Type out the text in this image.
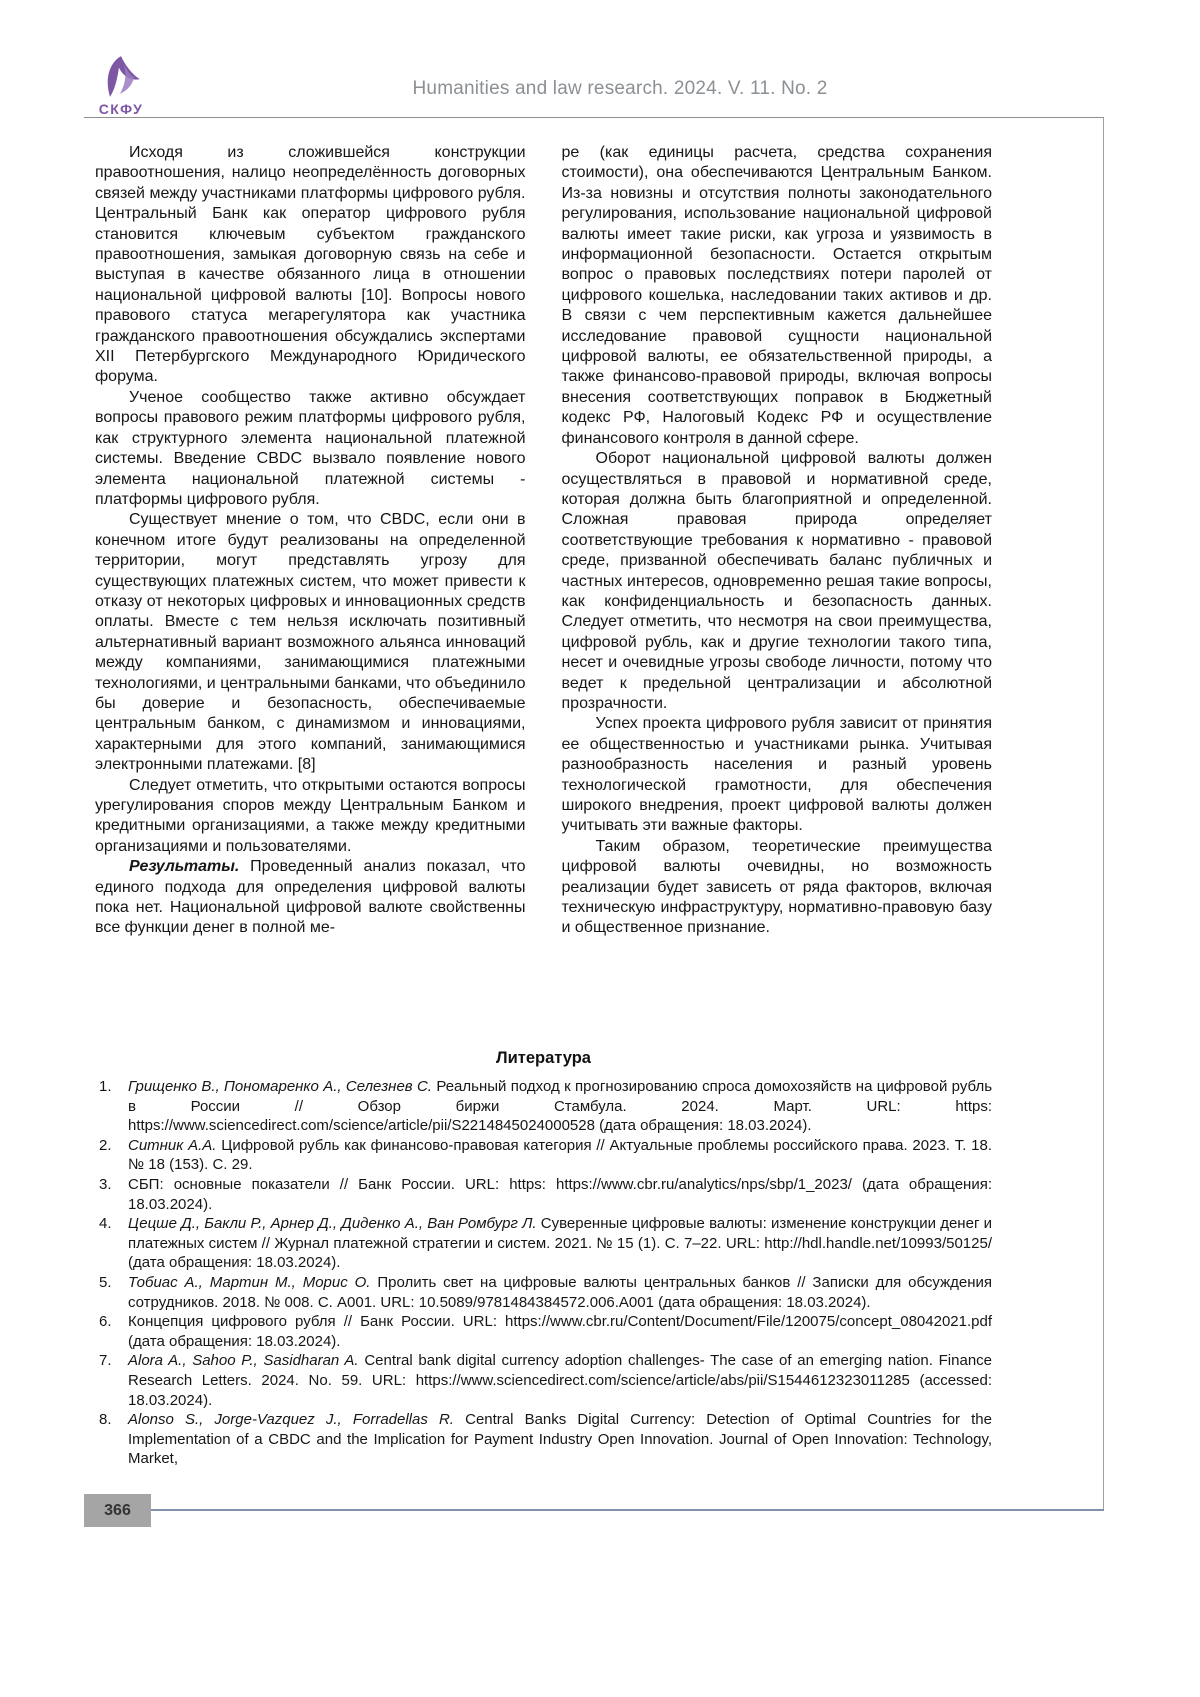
СКФУ
Humanities and law research. 2024. V. 11. No. 2

Исходя из сложившейся конструкции правоотношения, налицо неопределённость договорных связей между участниками платформы цифрового рубля. Центральный Банк как оператор цифрового рубля становится ключевым субъектом гражданского правоотношения, замыкая договорную связь на себе и выступая в качестве обязанного лица в отношении национальной цифровой валюты [10]. Вопросы нового правового статуса мегарегулятора как участника гражданского правоотношения обсуждались экспертами XII Петербургского Международного Юридического форума.

Ученое сообщество также активно обсуждает вопросы правового режим платформы цифрового рубля, как структурного элемента национальной платежной системы. Введение CBDC вызвало появление нового элемента национальной платежной системы - платформы цифрового рубля.

Существует мнение о том, что CBDC, если они в конечном итоге будут реализованы на определенной территории, могут представлять угрозу для существующих платежных систем, что может привести к отказу от некоторых цифровых и инновационных средств оплаты. Вместе с тем нельзя исключать позитивный альтернативный вариант возможного альянса инноваций между компаниями, занимающимися платежными технологиями, и центральными банками, что объединило бы доверие и безопасность, обеспечиваемые центральным банком, с динамизмом и инновациями, характерными для этого компаний, занимающимися электронными платежами. [8]

Следует отметить, что открытыми остаются вопросы урегулирования споров между Центральным Банком и кредитными организациями, а также между кредитными организациями и пользователями.

Результаты. Проведенный анализ показал, что единого подхода для определения цифровой валюты пока нет. Национальной цифровой валюте свойственны все функции денег в полной ме-

ре (как единицы расчета, средства сохранения стоимости), она обеспечиваются Центральным Банком. Из-за новизны и отсутствия полноты законодательного регулирования, использование национальной цифровой валюты имеет такие риски, как угроза и уязвимость в информационной безопасности. Остается открытым вопрос о правовых последствиях потери паролей от цифрового кошелька, наследовании таких активов и др. В связи с чем перспективным кажется дальнейшее исследование правовой сущности национальной цифровой валюты, ее обязательственной природы, а также финансово-правовой природы, включая вопросы внесения соответствующих поправок в Бюджетный кодекс РФ, Налоговый Кодекс РФ и осуществление финансового контроля в данной сфере.

Оборот национальной цифровой валюты должен осуществляться в правовой и нормативной среде, которая должна быть благоприятной и определенной. Сложная правовая природа определяет соответствующие требования к нормативно - правовой среде, призванной обеспечивать баланс публичных и частных интересов, одновременно решая такие вопросы, как конфиденциальность и безопасность данных. Следует отметить, что несмотря на свои преимущества, цифровой рубль, как и другие технологии такого типа, несет и очевидные угрозы свободе личности, потому что ведет к предельной централизации и абсолютной прозрачности.

Успех проекта цифрового рубля зависит от принятия ее общественностью и участниками рынка. Учитывая разнообразность населения и разный уровень технологической грамотности, для обеспечения широкого внедрения, проект цифровой валюты должен учитывать эти важные факторы.

Таким образом, теоретические преимущества цифровой валюты очевидны, но возможность реализации будет зависеть от ряда факторов, включая техническую инфраструктуру, нормативно-правовую базу и общественное признание.

Литература
Грищенко В., Пономаренко А., Селезнев С. Реальный подход к прогнозированию спроса домохозяйств на цифровой рубль в России // Обзор биржи Стамбула. 2024. Март. URL: https: https://www.sciencedirect.com/science/article/pii/S2214845024000528 (дата обращения: 18.03.2024).
Ситник А.А. Цифровой рубль как финансово-правовая категория // Актуальные проблемы российского права. 2023. Т. 18. № 18 (153). С. 29.
СБП: основные показатели // Банк России. URL: https: https://www.cbr.ru/analytics/nps/sbp/1_2023/ (дата обращения: 18.03.2024).
Цецше Д., Бакли Р., Арнер Д., Диденко А., Ван Ромбург Л. Суверенные цифровые валюты: изменение конструкции денег и платежных систем // Журнал платежной стратегии и систем. 2021. № 15 (1). С. 7–22. URL: http://hdl.handle.net/10993/50125/ (дата обращения: 18.03.2024).
Тобиас А., Мартин М., Морис О. Пролить свет на цифровые валюты центральных банков // Записки для обсуждения сотрудников. 2018. № 008. С. A001. URL: 10.5089/9781484384572.006.A001 (дата обращения: 18.03.2024).
Концепция цифрового рубля // Банк России. URL: https://www.cbr.ru/Content/Document/File/120075/concept_08042021.pdf (дата обращения: 18.03.2024).
Alora A., Sahoo P., Sasidharan A. Central bank digital currency adoption challenges- The case of an emerging nation. Finance Research Letters. 2024. No. 59. URL: https://www.sciencedirect.com/science/article/abs/pii/S1544612323011285 (accessed: 18.03.2024).
Alonso S., Jorge-Vazquez J., Forradellas R. Central Banks Digital Currency: Detection of Optimal Countries for the Implementation of a CBDC and the Implication for Payment Industry Open Innovation. Journal of Open Innovation: Technology, Market,
366
